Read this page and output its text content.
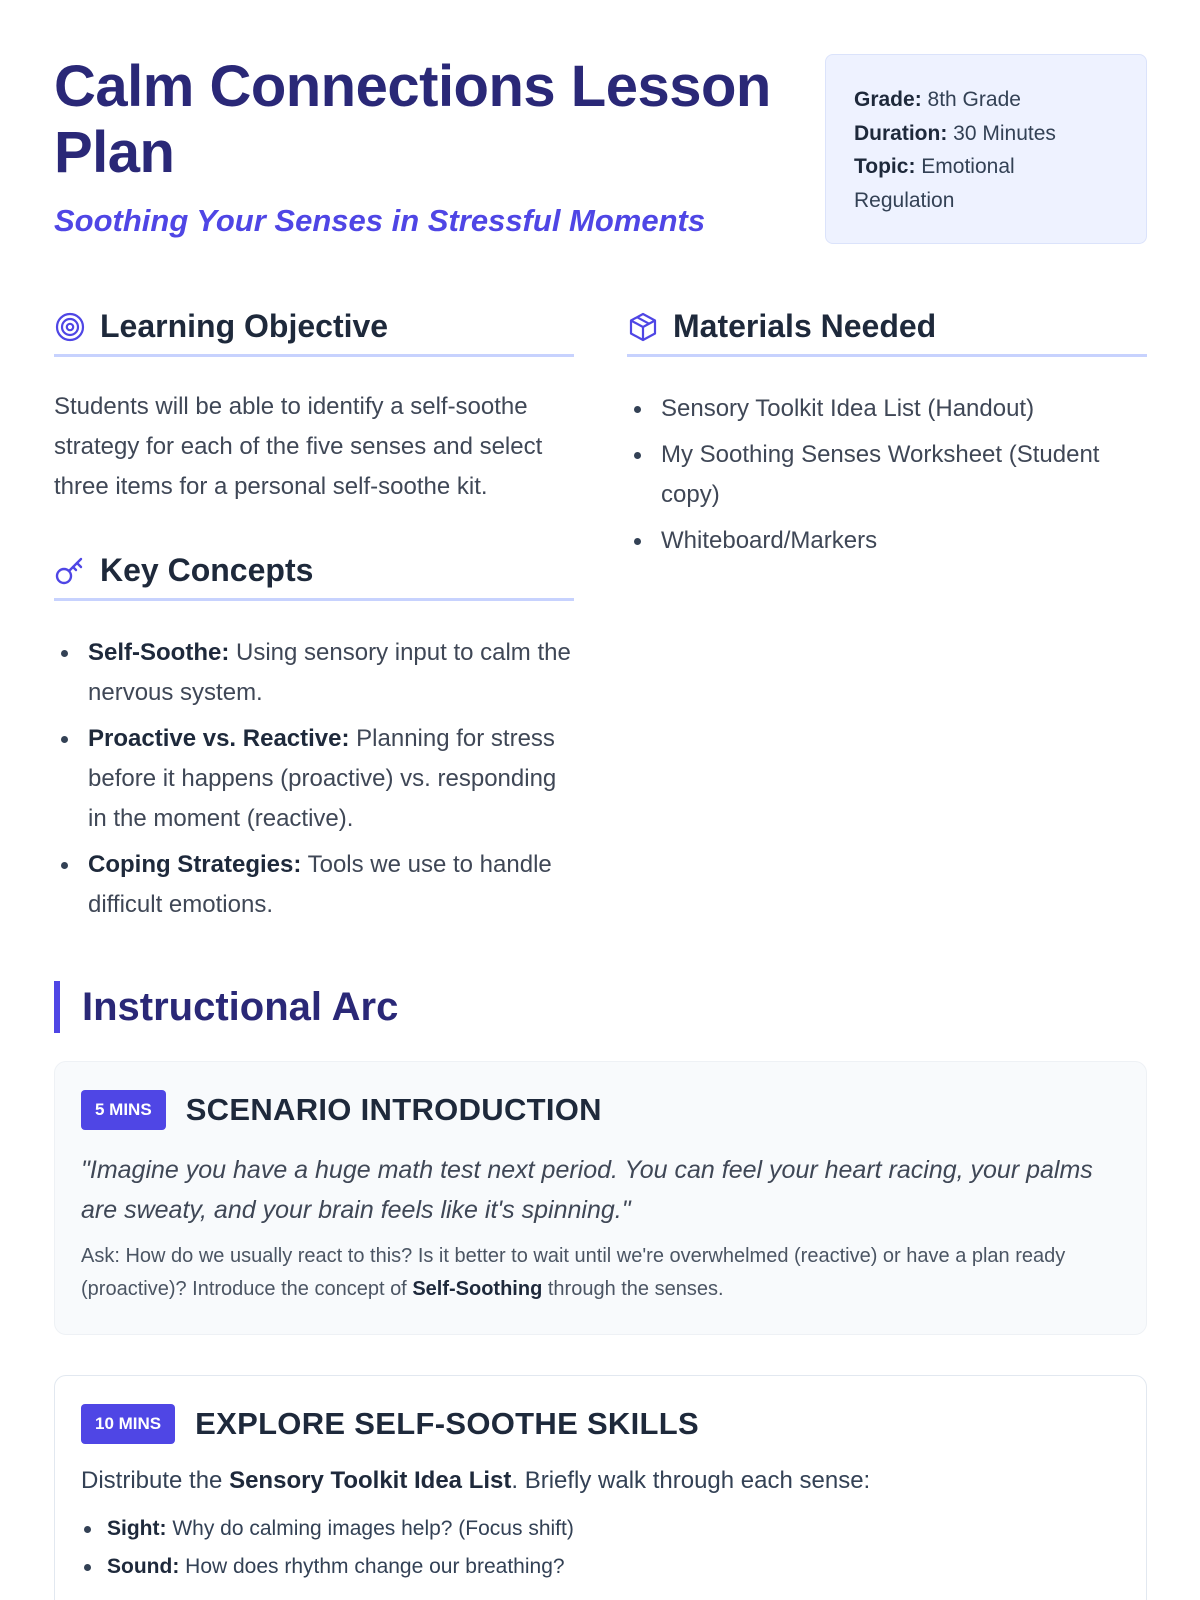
Calm Connections Lesson Plan
Soothing Your Senses in Stressful Moments
Grade: 8th Grade
Duration: 30 Minutes
Topic: Emotional Regulation
Learning Objective

Students will be able to identify a self-soothe strategy for each of the five senses and select three items for a personal self-soothe kit.

Key Concepts
Self-Soothe: Using sensory input to calm the nervous system.
Proactive vs. Reactive: Planning for stress before it happens (proactive) vs. responding in the moment (reactive).
Coping Strategies: Tools we use to handle difficult emotions.
Materials Needed
Sensory Toolkit Idea List (Handout)
My Soothing Senses Worksheet (Student copy)
Whiteboard/Markers
Instructional Arc
5 MINS	SCENARIO INTRODUCTION

"Imagine you have a huge math test next period. You can feel your heart racing, your palms are sweaty, and your brain feels like it's spinning."

Ask: How do we usually react to this? Is it better to wait until we're overwhelmed (reactive) or have a plan ready (proactive)? Introduce the concept of Self-Soothing through the senses.

10 MINS	EXPLORE SELF-SOOTHE SKILLS

Distribute the Sensory Toolkit Idea List. Briefly walk through each sense:

Sight: Why do calming images help? (Focus shift)
Sound: How does rhythm change our breathing?
